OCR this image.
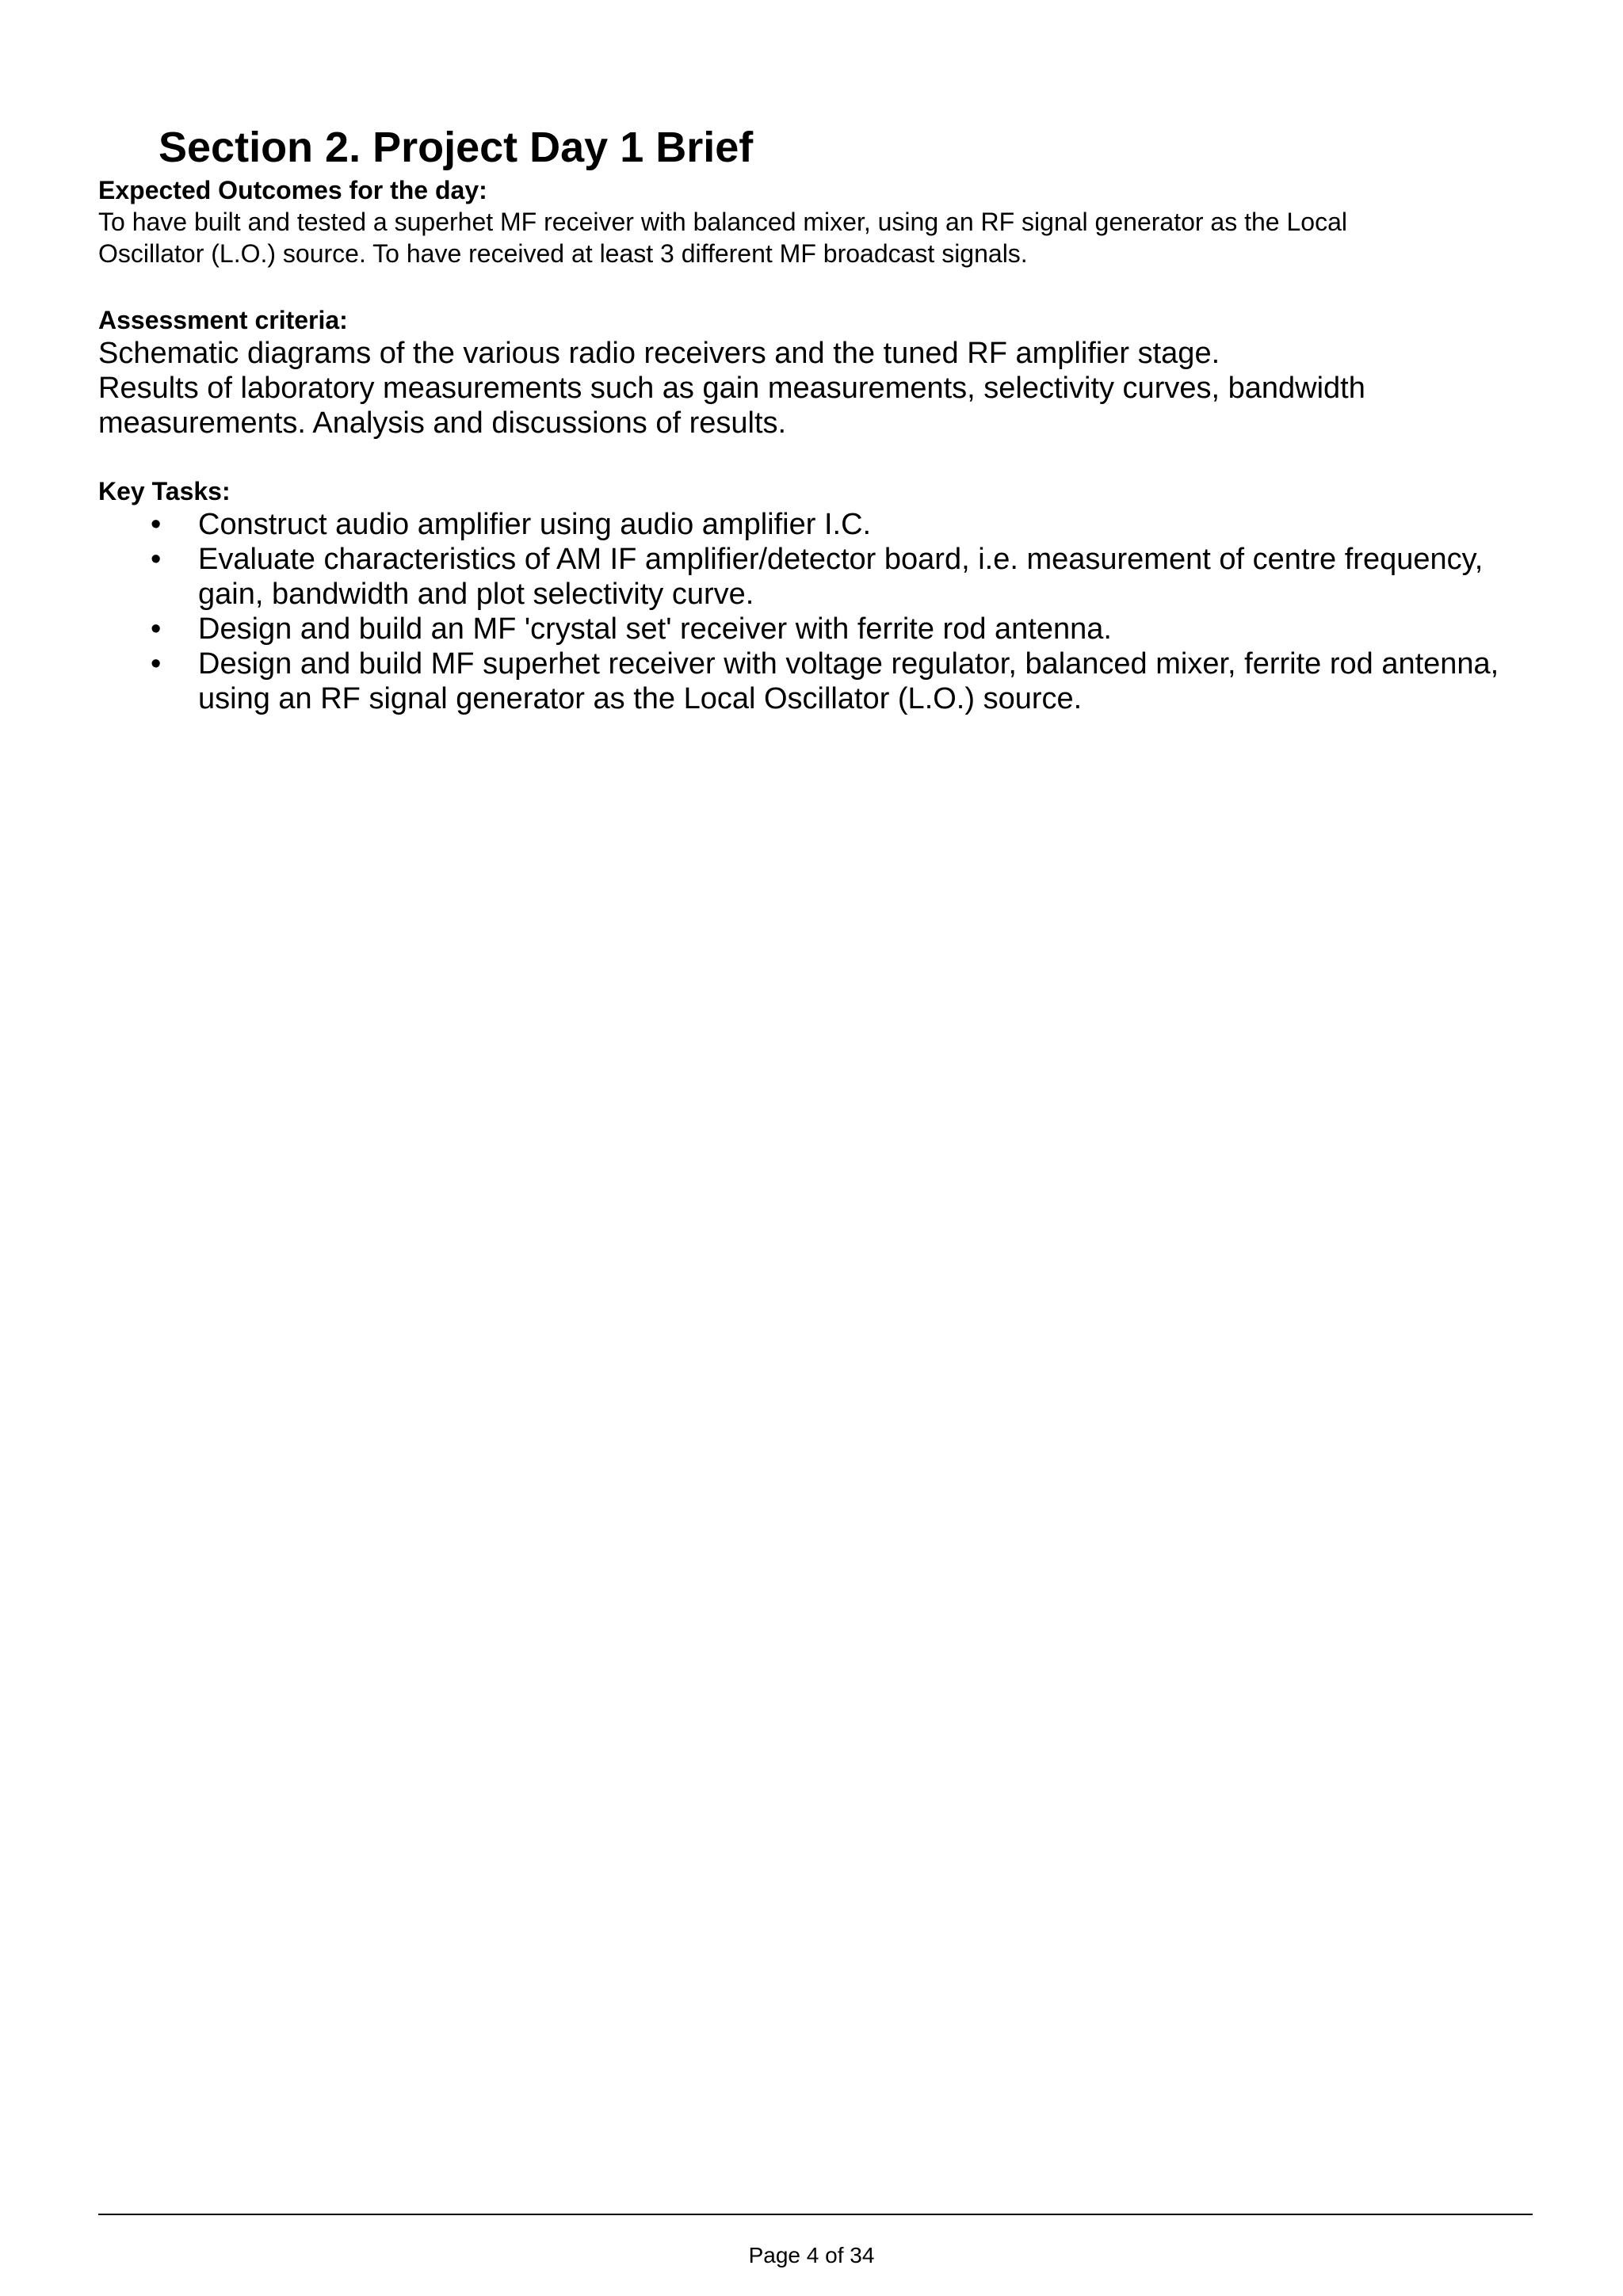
Section 2. Project Day 1 Brief

Expected Outcomes for the day:

To have built and tested a superhet MF receiver with balanced mixer, using an RF signal generator as the Local
Oscillator (L.O.) source. To have received at least 3 different MF broadcast signals.

Assessment criteria:

Schematic diagrams of the various radio receivers and the tuned RF amplifier stage.
Results of laboratory measurements such as gain measurements, selectivity curves, bandwidth
measurements. Analysis and discussions of results.

Key Tasks:

• Construct audio amplifier using audio amplifier I.C.
• Evaluate characteristics of AM IF amplifier/detector board, i.e. measurement of centre frequency,
gain, bandwidth and plot selectivity curve.
• Design and build an MF 'crystal set' receiver with ferrite rod antenna.
• Design and build MF superhet receiver with voltage regulator, balanced mixer, ferrite rod antenna,
using an RF signal generator as the Local Oscillator (L.O.) source.
Page 4 of 34
